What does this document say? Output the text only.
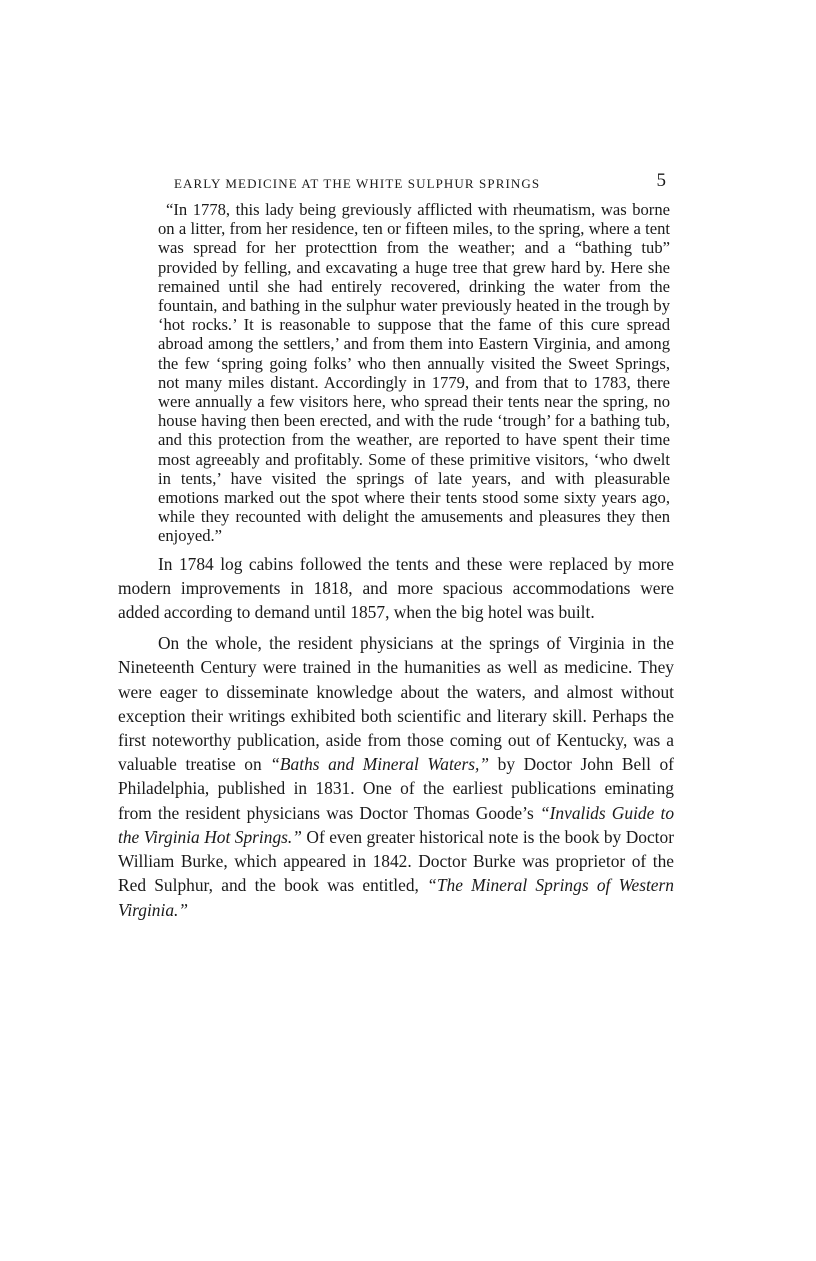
EARLY MEDICINE AT THE WHITE SULPHUR SPRINGS	5

“In 1778, this lady being greviously afflicted with rheumatism, was borne on a litter, from her residence, ten or fifteen miles, to the spring, where a tent was spread for her protecttion from the weather; and a “bathing tub” provided by felling, and excavating a huge tree that grew hard by. Here she remained until she had entirely recovered, drinking the water from the fountain, and bathing in the sulphur water previously heated in the trough by ‘hot rocks.’ It is reasonable to suppose that the fame of this cure spread abroad among the settlers,’ and from them into Eastern Virginia, and among the few ‘spring going folks’ who then annually visited the Sweet Springs, not many miles distant. Accordingly in 1779, and from that to 1783, there were annually a few visitors here, who spread their tents near the spring, no house having then been erected, and with the rude ‘trough’ for a bathing tub, and this protection from the weather, are reported to have spent their time most agreeably and profitably. Some of these primitive visitors, ‘who dwelt in tents,’ have visited the springs of late years, and with pleasurable emotions marked out the spot where their tents stood some sixty years ago, while they recounted with delight the amusements and pleasures they then enjoyed.”

In 1784 log cabins followed the tents and these were replaced by more modern improvements in 1818, and more spacious accommodations were added according to demand until 1857, when the big hotel was built.

On the whole, the resident physicians at the springs of Virginia in the Nineteenth Century were trained in the humanities as well as medicine. They were eager to disseminate knowledge about the waters, and almost without exception their writings exhibited both scientific and literary skill. Perhaps the first noteworthy publication, aside from those coming out of Kentucky, was a valuable treatise on “Baths and Mineral Waters,” by Doctor John Bell of Philadelphia, published in 1831. One of the earliest publications eminating from the resident physicians was Doctor Thomas Goode’s “Invalids Guide to the Virginia Hot Springs.” Of even greater historical note is the book by Doctor William Burke, which appeared in 1842. Doctor Burke was proprietor of the Red Sulphur, and the book was entitled, “The Mineral Springs of Western Virginia.”
